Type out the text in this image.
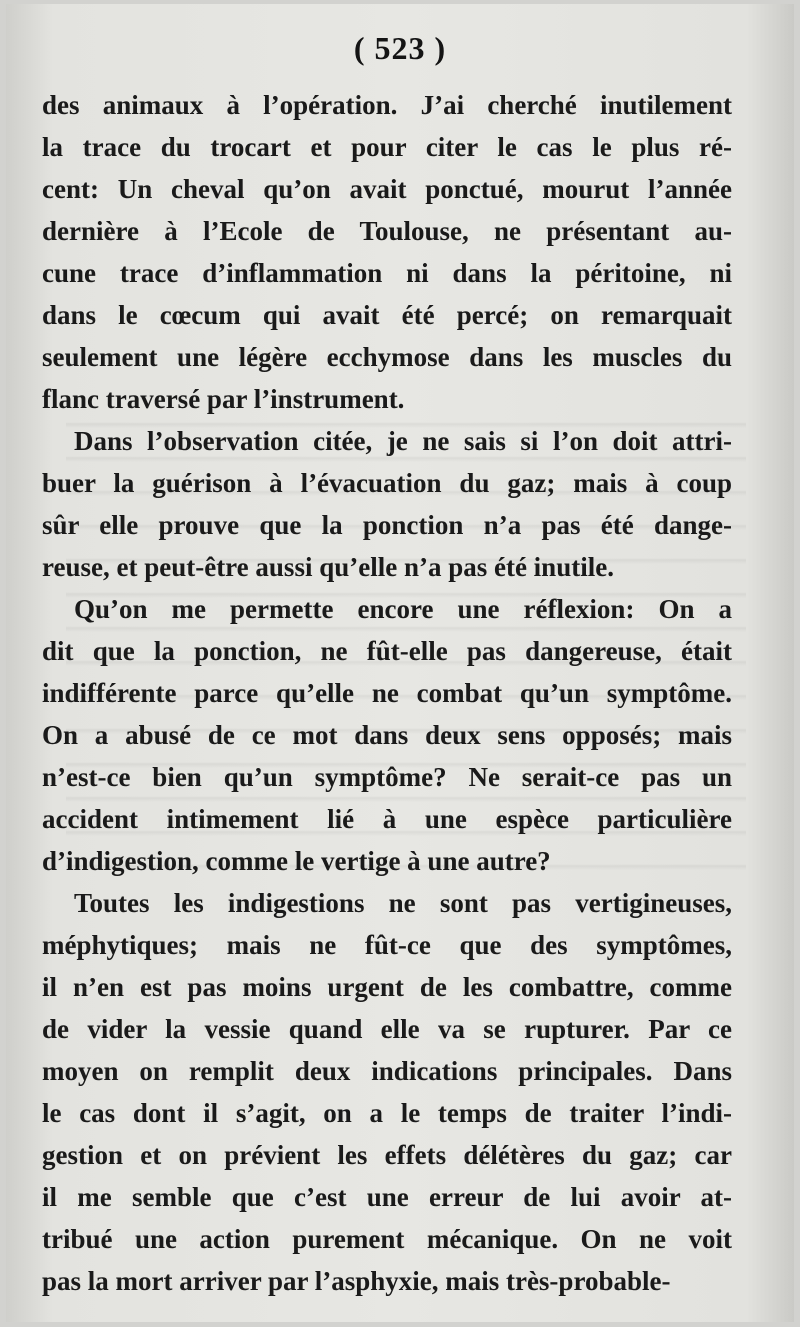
( 523 )
des animaux à l’opération. J’ai cherché inutilement
la trace du trocart et pour citer le cas le plus ré-
cent: Un cheval qu’on avait ponctué, mourut l’année
dernière à l’Ecole de Toulouse, ne présentant au-
cune trace d’inflammation ni dans la péritoine, ni
dans le cœcum qui avait été percé; on remarquait
seulement une légère ecchymose dans les muscles du
flanc traversé par l’instrument.
Dans l’observation citée, je ne sais si l’on doit attri-
buer la guérison à l’évacuation du gaz; mais à coup
sûr elle prouve que la ponction n’a pas été dange-
reuse, et peut-être aussi qu’elle n’a pas été inutile.
Qu’on me permette encore une réflexion: On a
dit que la ponction, ne fût-elle pas dangereuse, était
indifférente parce qu’elle ne combat qu’un symptôme.
On a abusé de ce mot dans deux sens opposés; mais
n’est-ce bien qu’un symptôme? Ne serait-ce pas un
accident intimement lié à une espèce particulière
d’indigestion, comme le vertige à une autre?
Toutes les indigestions ne sont pas vertigineuses,
méphytiques; mais ne fût-ce que des symptômes,
il n’en est pas moins urgent de les combattre, comme
de vider la vessie quand elle va se rupturer. Par ce
moyen on remplit deux indications principales. Dans
le cas dont il s’agit, on a le temps de traiter l’indi-
gestion et on prévient les effets délétères du gaz; car
il me semble que c’est une erreur de lui avoir at-
tribué une action purement mécanique. On ne voit
pas la mort arriver par l’asphyxie, mais très-probable-
